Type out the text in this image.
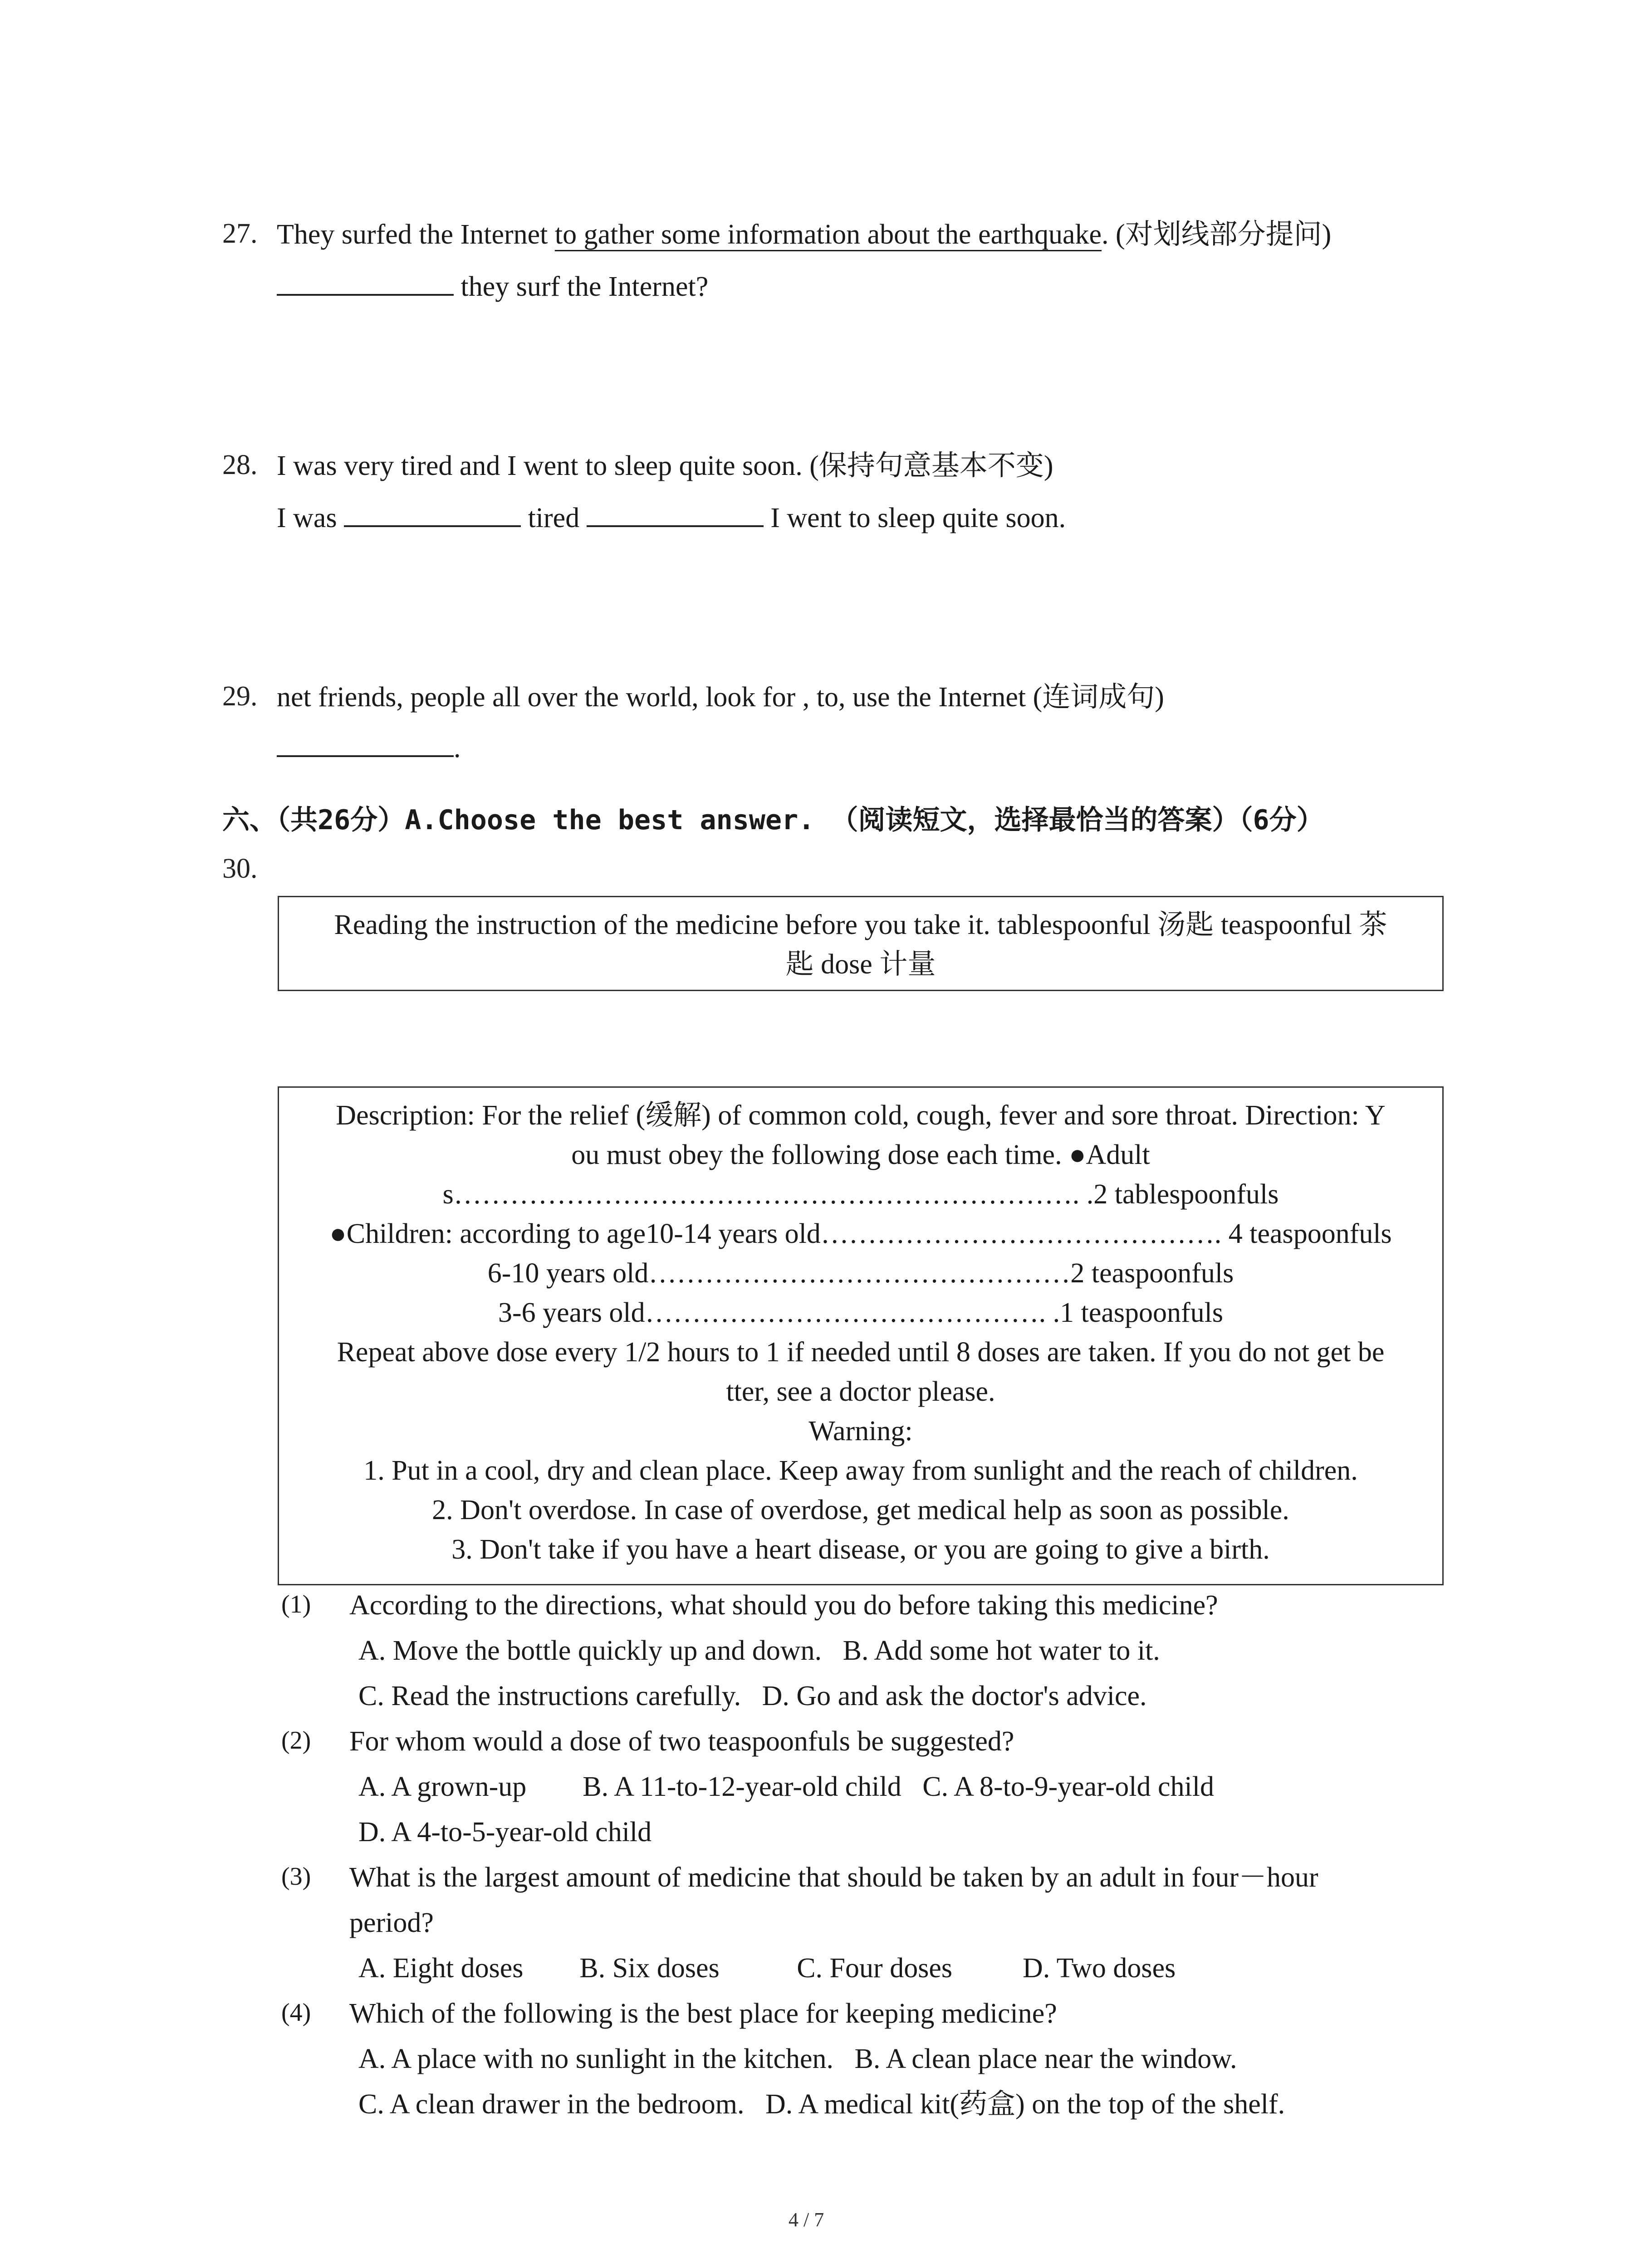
27. They surfed the Internet to gather some information about the earthquake. (对划线部分提问)
they surf the Internet?
28. I was very tired and I went to sleep quite soon. (保持句意基本不变)
I was	tired	I went to sleep quite soon.
29. net friends, people all over the world, look for , to, use the Internet (连词成句)
.
六、（共26分）A.Choose the best answer. （阅读短文，选择最恰当的答案）（6分）
30.
Reading the instruction of the medicine before you take it. tablespoonful 汤匙 teaspoonful 茶
匙 dose 计量
Description: For the relief (缓解) of common cold, cough, fever and sore throat. Direction: Y
ou must obey the following dose each time. ●Adult
s…………………………………………………………. .2 tablespoonfuls
●Children: according to age10-14 years old……………………………………. 4 teaspoonfuls
6-10 years old………………………………………2 teaspoonfuls
3-6 years old……………………………………. .1 teaspoonfuls
Repeat above dose every 1/2 hours to 1 if needed until 8 doses are taken. If you do not get be
tter, see a doctor please.
Warning:
1. Put in a cool, dry and clean place. Keep away from sunlight and the reach of children.
2. Don't overdose. In case of overdose, get medical help as soon as possible.
3. Don't take if you have a heart disease, or you are going to give a birth.
(1) According to the directions, what should you do before taking this medicine?
A. Move the bottle quickly up and down.   B. Add some hot water to it.
C. Read the instructions carefully.   D. Go and ask the doctor's advice.
(2) For whom would a dose of two teaspoonfuls be suggested?
A. A grown-up        B. A 11-to-12-year-old child   C. A 8-to-9-year-old child
D. A 4-to-5-year-old child
(3) What is the largest amount of medicine that should be taken by an adult in four－hour
period?
A. Eight doses        B. Six doses           C. Four doses          D. Two doses
(4) Which of the following is the best place for keeping medicine?
A. A place with no sunlight in the kitchen.   B. A clean place near the window.
C. A clean drawer in the bedroom.   D. A medical kit(药盒) on the top of the shelf.
4 / 7
